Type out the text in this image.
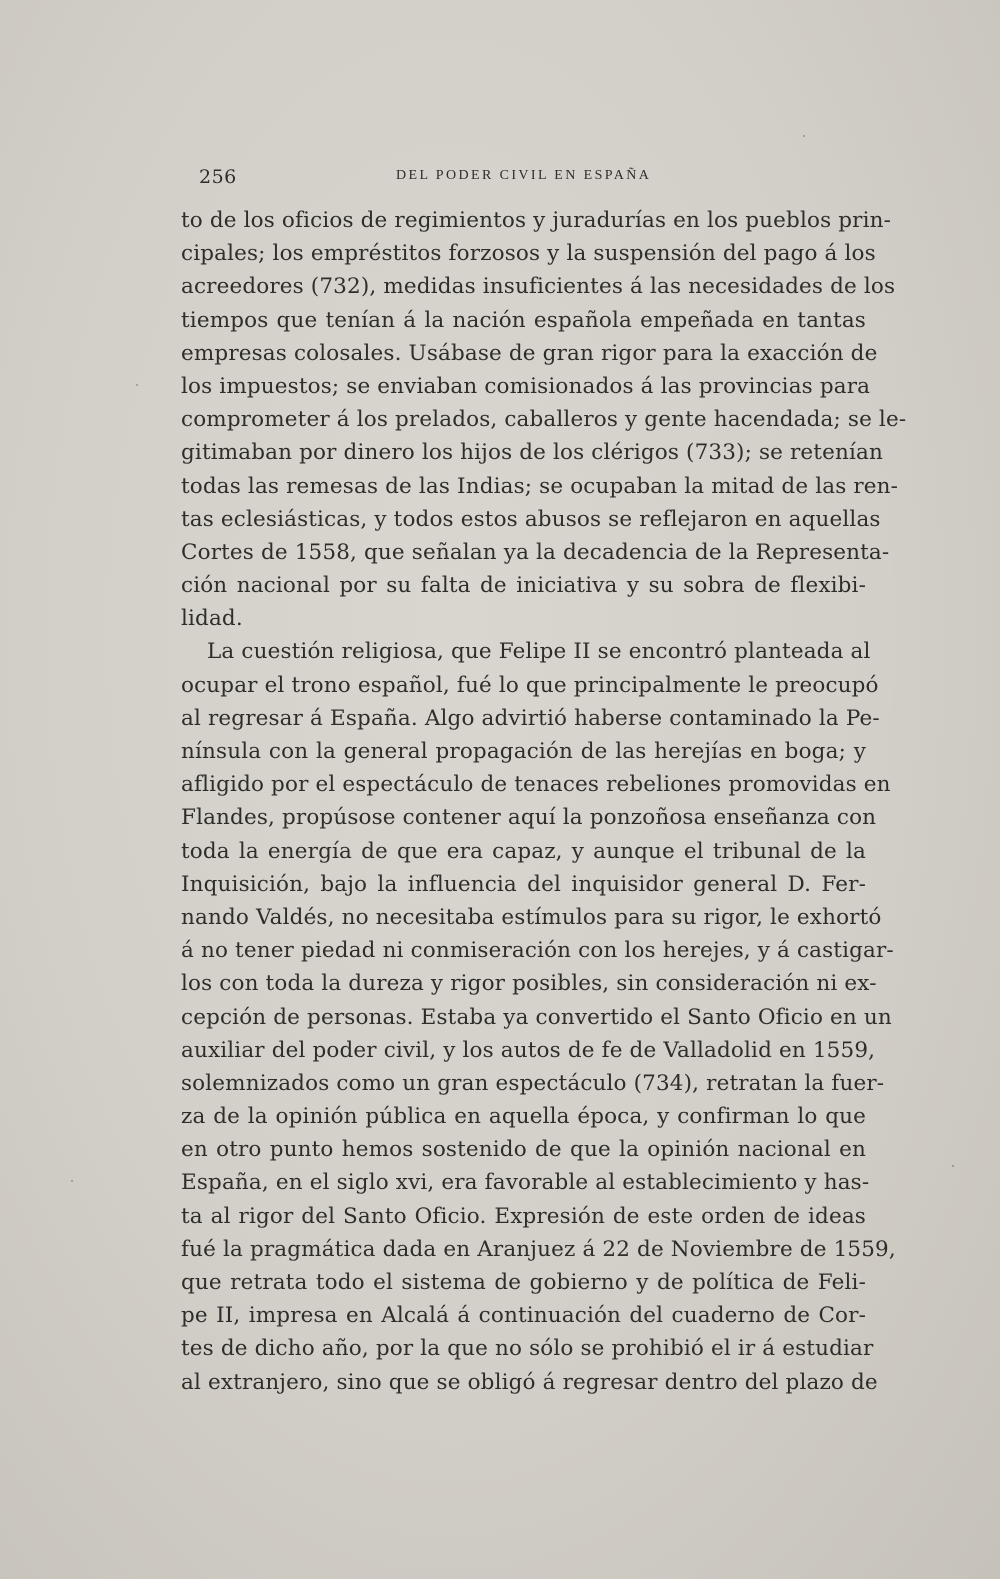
256	DEL PODER CIVIL EN ESPAÑA
to de los oficios de regimientos y juradurías en los pueblos prin-
cipales; los empréstitos forzosos y la suspensión del pago á los
acreedores (732), medidas insuficientes á las necesidades de los
tiempos que tenían á la nación española empeñada en tantas
empresas colosales. Usábase de gran rigor para la exacción de
los impuestos; se enviaban comisionados á las provincias para
comprometer á los prelados, caballeros y gente hacendada; se le-
gitimaban por dinero los hijos de los clérigos (733); se retenían
todas las remesas de las Indias; se ocupaban la mitad de las ren-
tas eclesiásticas, y todos estos abusos se reflejaron en aquellas
Cortes de 1558, que señalan ya la decadencia de la Representa-
ción nacional por su falta de iniciativa y su sobra de flexibi-
lidad.
La cuestión religiosa, que Felipe II se encontró planteada al
ocupar el trono español, fué lo que principalmente le preocupó
al regresar á España. Algo advirtió haberse contaminado la Pe-
nínsula con la general propagación de las herejías en boga; y
afligido por el espectáculo de tenaces rebeliones promovidas en
Flandes, propúsose contener aquí la ponzoñosa enseñanza con
toda la energía de que era capaz, y aunque el tribunal de la
Inquisición, bajo la influencia del inquisidor general D. Fer-
nando Valdés, no necesitaba estímulos para su rigor, le exhortó
á no tener piedad ni conmiseración con los herejes, y á castigar-
los con toda la dureza y rigor posibles, sin consideración ni ex-
cepción de personas. Estaba ya convertido el Santo Oficio en un
auxiliar del poder civil, y los autos de fe de Valladolid en 1559,
solemnizados como un gran espectáculo (734), retratan la fuer-
za de la opinión pública en aquella época, y confirman lo que
en otro punto hemos sostenido de que la opinión nacional en
España, en el siglo xvi, era favorable al establecimiento y has-
ta al rigor del Santo Oficio. Expresión de este orden de ideas
fué la pragmática dada en Aranjuez á 22 de Noviembre de 1559,
que retrata todo el sistema de gobierno y de política de Feli-
pe II, impresa en Alcalá á continuación del cuaderno de Cor-
tes de dicho año, por la que no sólo se prohibió el ir á estudiar
al extranjero, sino que se obligó á regresar dentro del plazo de
